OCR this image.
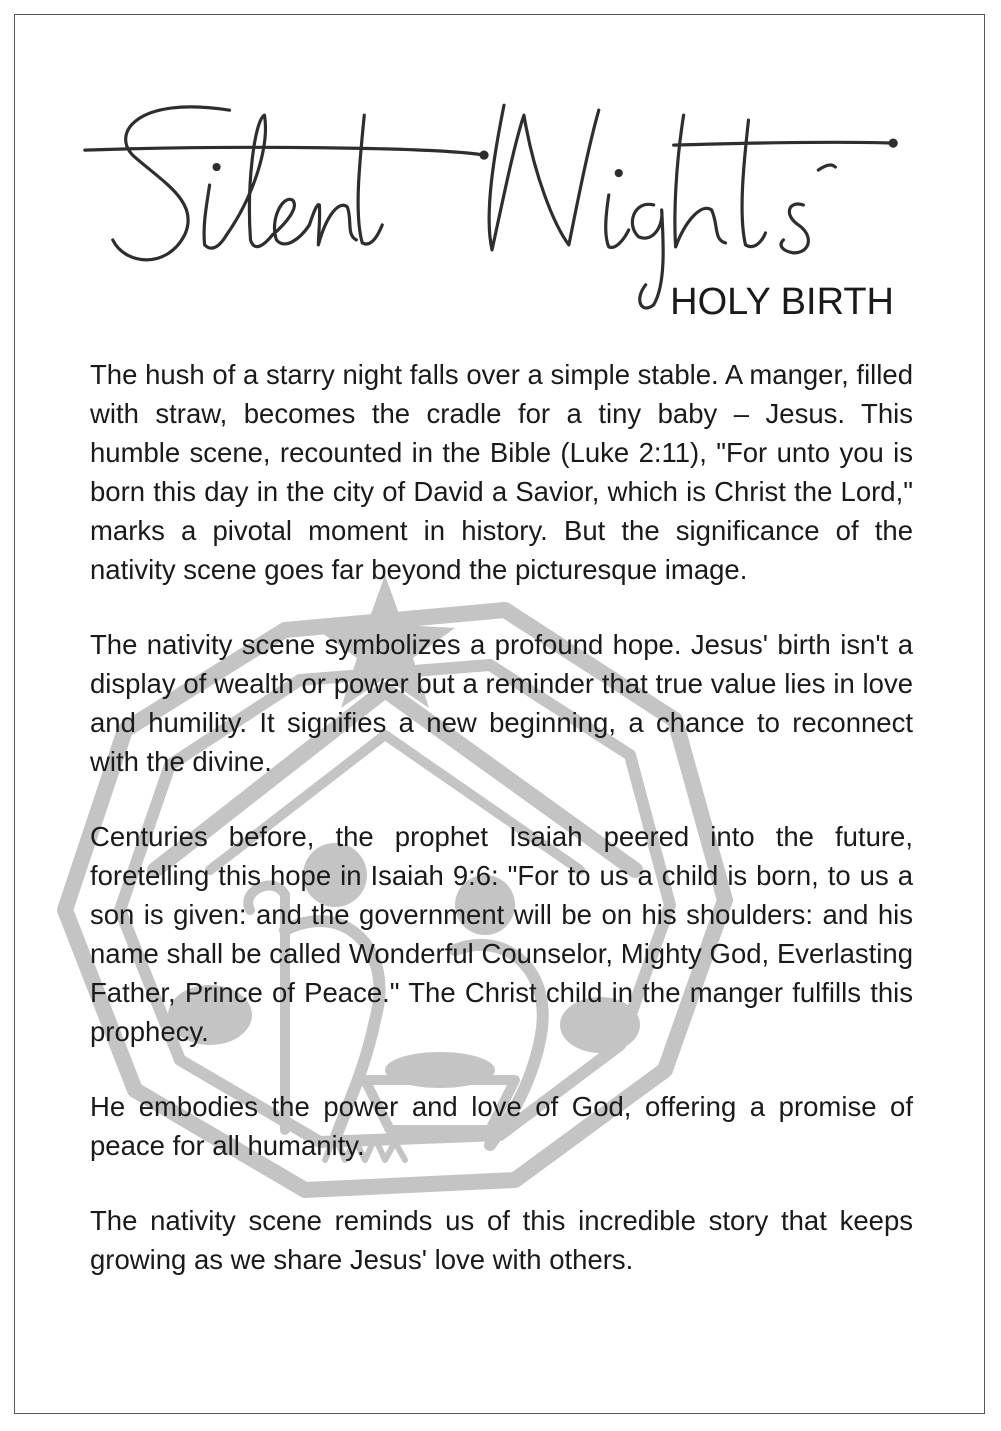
HOLY BIRTH

The hush of a starry night falls over a simple stable. A manger, filled with straw, becomes the cradle for a tiny baby – Jesus. This humble scene, recounted in the Bible (Luke 2:11), "For unto you is born this day in the city of David a Savior, which is Christ the Lord," marks a pivotal moment in history. But the significance of the nativity scene goes far beyond the picturesque image.

The nativity scene symbolizes a profound hope. Jesus' birth isn't a display of wealth or power but a reminder that true value lies in love and humility. It signifies a new beginning, a chance to reconnect with the divine.

Centuries before, the prophet Isaiah peered into the future, foretelling this hope in Isaiah 9:6: "For to us a child is born, to us a son is given: and the government will be on his shoulders: and his name shall be called Wonderful Counselor, Mighty God, Everlasting Father, Prince of Peace." The Christ child in the manger fulfills this prophecy.

He embodies the power and love of God, offering a promise of peace for all humanity.

The nativity scene reminds us of this incredible story that keeps growing as we share Jesus' love with others.
